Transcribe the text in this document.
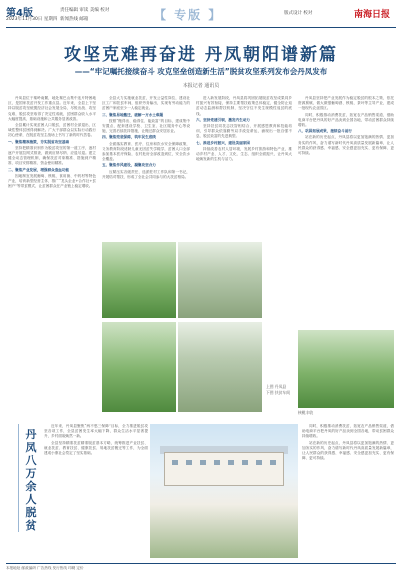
第4版
2023年11月30日 星期四
责任编辑 审读 美编 校对
新闻热线 邮箱	【 专版 】	版式设计 校对	南海日报
攻坚克难再奋进 丹凤朝阳谱新篇
——“牢记嘱托接续奋斗 攻克坚垒创造新生活”脱贫攻坚系列发布会丹凤发布
本报记者 通讯员

丹凤县位于秦岭南麓，地处秦巴山集中连片特困地区，是国家扶贫开发工作重点县。近年来，全县上下坚持以脱贫攻坚统揽经济社会发展全局，尽锐出战、攻坚克难，脱贫攻坚取得了决定性成就，贫困群众收入水平大幅度提高，基础设施和公共服务显著改善。

全县累计实现贫困人口脱贫，贫困村全部退出，区域性整体贫困得到解决。广大干部群众以实际行动践行初心使命，在脱贫攻坚主战场上书写了新的时代答卷。

一、聚焦精准施策，夯实脱贫攻坚基础

坚持把精准识别作为脱贫攻坚的第一道工序，逐村逐户开展拉网式排查，做到应纳尽纳、应退尽退。建立健全动态管理机制，确保扶贫对象精准、措施到户精准、项目安排精准、资金使用精准。

二、聚焦产业发展，增强群众造血功能

因地制宜发展葡萄、核桃、食用菌、中药材等特色产业，培育新型经营主体，推广“龙头企业+合作社+贫困户”等带贫模式，让贫困群众在产业链上稳定增收。

全县大力实施就业扶贫，开发公益性岗位，建设社区工厂和扶贫车间，组织劳务输出，实现有劳动能力的贫困户家庭至少一人稳定就业。

三、聚焦易地搬迁，破解一方水土难题

按照“搬得出、稳得住、能致富”的目标，建成集中安置点，配套建设学校、卫生室、社区服务中心等设施，完善后续扶持措施，让搬迁群众安居乐业。

四、聚焦兜底保障，筑牢民生底线

全面落实教育、医疗、住房和饮水安全保障政策，义务教育阶段适龄儿童无因贫失学辍学，贫困人口全部参加基本医疗保险，农村危房全部改造到位，安全饮水全覆盖。

五、聚焦作风建设，凝聚攻坚合力

压紧压实各级责任，选派驻村工作队和第一书记，开展结对帮扶，形成了全社会共同参与的大扶贫格局。

进入新发展阶段，丹凤县将巩固拓展脱贫攻坚成果同乡村振兴有效衔接，保持主要帮扶政策总体稳定，健全防止返贫动态监测和帮扶机制，坚决守住不发生规模性返贫的底线。

六、坚持党建引领，激发内生动力

坚持扶贫同扶志扶智相结合，开展感恩教育和技能培训，引导群众依靠勤劳双手改变命运，涌现出一批自强不息、脱贫致富的先进典型。

七、推进乡村振兴，建设美丽家园

持续改善农村人居环境，发展乡村旅游和特色产业，推动乡村产业、人才、文化、生态、组织全面振兴，让丹凤大地焕发新的生机与活力。

丹凤县坚持把产业发展作为稳定脱贫的根本之策，依托资源禀赋，做大做强葡萄酒、核桃、茶叶等主导产业，建成一批现代农业园区。

同时，积极推动消费扶贫，拓宽农产品销售渠道，借助电商平台把丹凤的好产品卖到全国各地，带动贫困群众持续增收。

八、巩固拓展成果，接续奋斗前行

站在新的历史起点，丹凤县将以更加饱满的热情、更加务实的作风，奋力谱写新时代丹凤高质量发展新篇章，让人民群众的获得感、幸福感、安全感更加充实、更有保障、更可持续。

上图 丹凤县
下图 扶贫车间
核桃丰收
丹凤八万余人脱贫

近年来，丹凤县聚焦“两不愁三保障”目标，全力推进脱贫攻坚各项工作，全县贫困发生率大幅下降，群众生活水平显著提升，乡村面貌焕然一新。

全县坚持精准扶贫精准脱贫基本方略，统筹推进产业扶贫、就业扶贫、教育扶贫、健康扶贫、易地扶贫搬迁等工作，为全面建成小康社会奠定了坚实基础。

同时，积极推动消费扶贫，拓宽农产品销售渠道，借助电商平台把丹凤的好产品卖到全国各地，带动贫困群众持续增收。

站在新的历史起点，丹凤县将以更加饱满的热情、更加务实的作风，奋力谱写新时代丹凤高质量发展新篇章，让人民群众的获得感、幸福感、安全感更加充实、更有保障、更可持续。

本报地址 邮政编码 广告热线 发行热线 印刷 定价
